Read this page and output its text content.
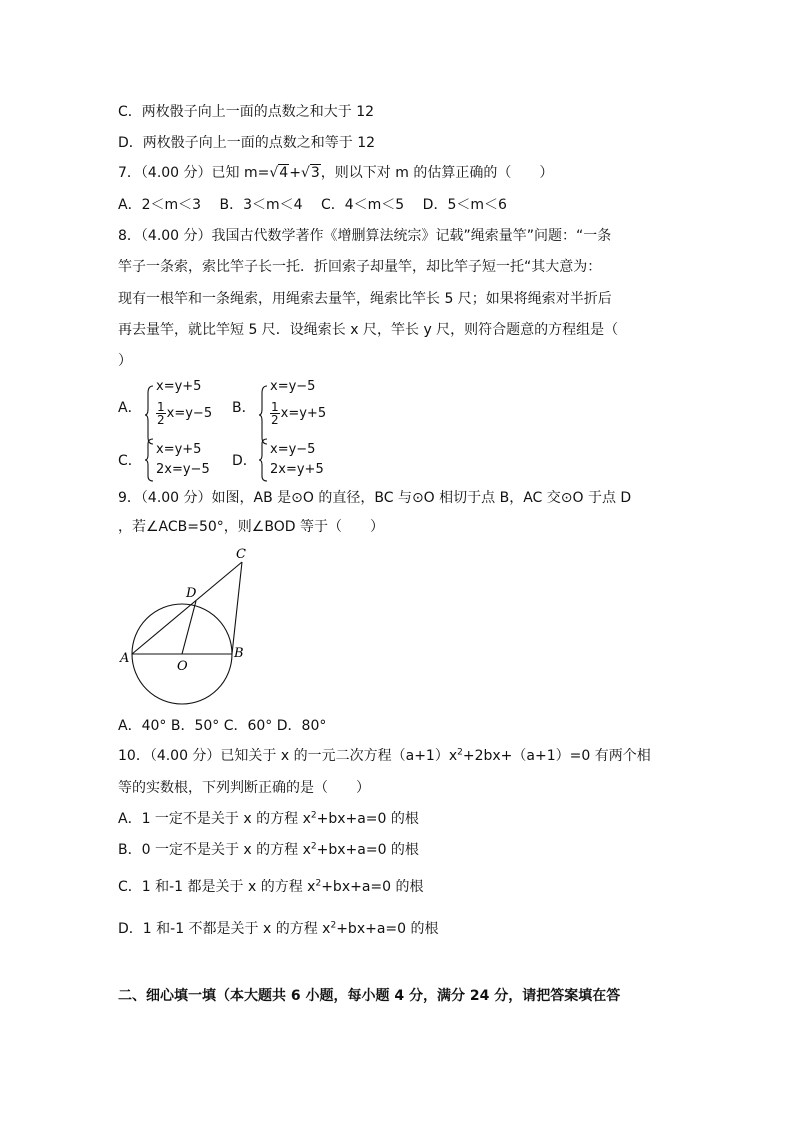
C．两枚骰子向上一面的点数之和大于 12
D．两枚骰子向上一面的点数之和等于 12
7．（4.00 分）已知 m=√4+√3，则以下对 m 的估算正确的（　　）
A．2＜m＜3　 B．3＜m＜4　 C．4＜m＜5　 D．5＜m＜6
8．（4.00 分）我国古代数学著作《增删算法统宗》记载”绳索量竿”问题：“一条
竿子一条索，索比竿子长一托．折回索子却量竿，却比竿子短一托“其大意为：
现有一根竿和一条绳索，用绳索去量竿，绳索比竿长 5 尺；如果将绳索对半折后
再去量竿，就比竿短 5 尺．设绳索长 x 尺，竿长 y 尺，则符合题意的方程组是（
）
A．
x=y+5
$\frac{1}{2} x=y-5$ B．
x=y−5
$\frac{1}{2} x=y+5$
C．
x=y+5
2x=y−5
D．
x=y−5
2x=y+5
9．（4.00 分）如图，AB 是⊙O 的直径，BC 与⊙O 相切于点 B，AC 交⊙O 于点 D
，若∠ACB=50°，则∠BOD 等于（　　）
A	B
C
D
O
A．40° B．50° C．60° D．80°
10．（4.00 分）已知关于 x 的一元二次方程$(a+1)x^2+2bx+(a+1)=0$ 有两个相
等的实数根，下列判断正确的是（　　）
A．1 一定不是关于 x 的方程 $x^2+bx+a=0$ 的根
B．0 一定不是关于 x 的方程 $x^2+bx+a=0$ 的根
C．1 和-1 都是关于 x 的方程 $x^2+bx+a=0$ 的根
D．1 和-1 不都是关于 x 的方程 $x^2+bx+a=0$ 的根
二、细心填一填（本大题共 6 小题，每小题 4 分，满分 24 分，请把答案填在答
